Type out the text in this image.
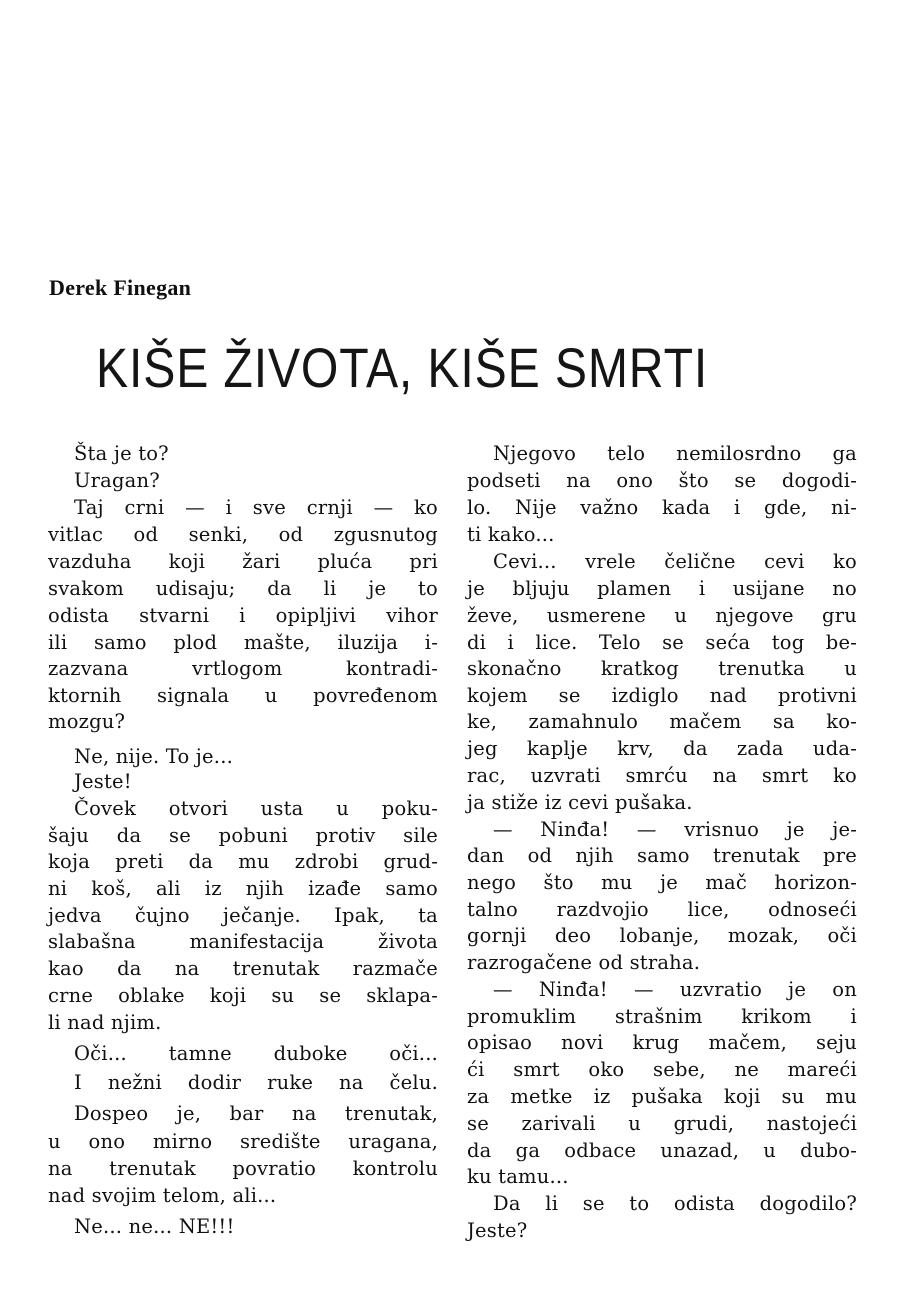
Derek Finegan
KIŠE ŽIVOTA, KIŠE SMRTI
Šta je to?
Uragan?
Taj crni — i sve crnji — ko
vitlac od senki, od zgusnutog
vazduha koji žari pluća pri
svakom udisaju; da li je to
odista stvarni i opipljivi vihor
ili samo plod mašte, iluzija i-
zazvana vrtlogom kontradi-
ktornih signala u povređenom
mozgu?
Ne, nije. To je...
Jeste!
Čovek otvori usta u poku-
šaju da se pobuni protiv sile
koja preti da mu zdrobi grud-
ni koš, ali iz njih izađe samo
jedva čujno ječanje. Ipak, ta
slabašna manifestacija života
kao da na trenutak razmače
crne oblake koji su se sklapa-
li nad njim.
Oči... tamne duboke oči...
I nežni dodir ruke na čelu.
Dospeo je, bar na trenutak,
u ono mirno središte uragana,
na trenutak povratio kontrolu
nad svojim telom, ali...
Ne... ne... NE!!!
Njegovo telo nemilosrdno ga
podseti na ono što se dogodi-
lo. Nije važno kada i gde, ni-
ti kako...
Cevi... vrele čelične cevi ko
je bljuju plamen i usijane no
ževe, usmerene u njegove gru
di i lice. Telo se seća tog be-
skonačno kratkog trenutka u
kojem se izdiglo nad protivni
ke, zamahnulo mačem sa ko-
jeg kaplje krv, da zada uda-
rac, uzvrati smrću na smrt ko
ja stiže iz cevi pušaka.
— Ninđa! — vrisnuo je je-
dan od njih samo trenutak pre
nego što mu je mač horizon-
talno razdvojio lice, odnoseći
gornji deo lobanje, mozak, oči
razrogačene od straha.
— Ninđa! — uzvratio je on
promuklim strašnim krikom i
opisao novi krug mačem, seju
ći smrt oko sebe, ne mareći
za metke iz pušaka koji su mu
se zarivali u grudi, nastojeći
da ga odbace unazad, u dubo-
ku tamu...
Da li se to odista dogodilo?
Jeste?
